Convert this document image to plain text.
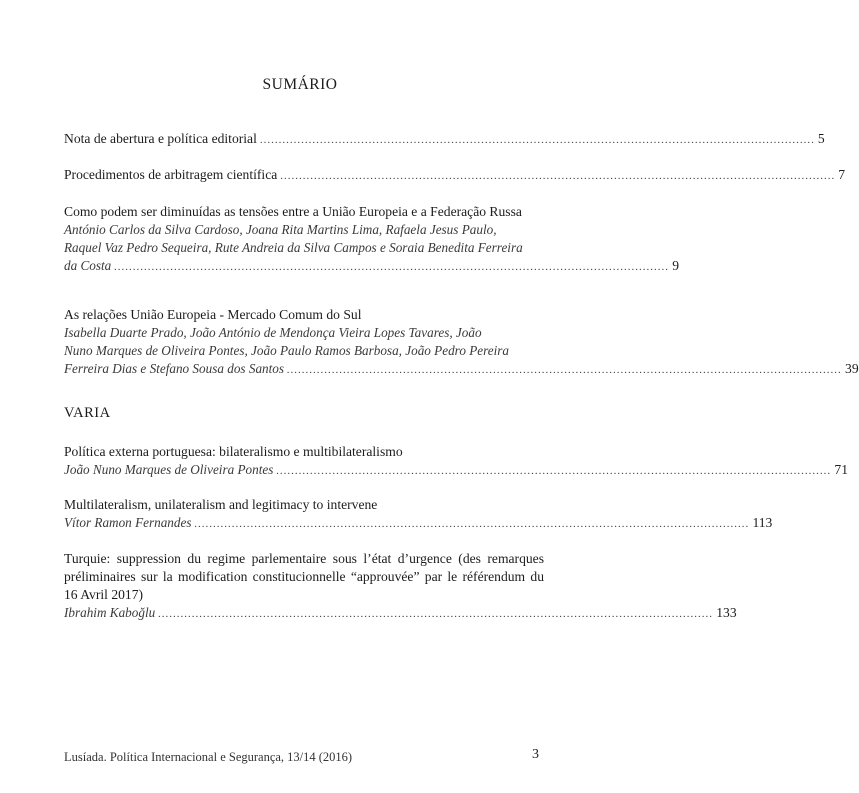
SUMÁRIO
Nota de abertura e política editorial .................................................................................................................................................... 5
Procedimentos de arbitragem científica .................................................................................................................................................... 7
Como podem ser diminuídas as tensões entre a União Europeia e a Federação Russa
António Carlos da Silva Cardoso, Joana Rita Martins Lima, Rafaela Jesus Paulo,
Raquel Vaz Pedro Sequeira, Rute Andreia da Silva Campos e Soraia Benedita Ferreira
da Costa .................................................................................................................................................... 9
As relações União Europeia - Mercado Comum do Sul
Isabella Duarte Prado, João António de Mendonça Vieira Lopes Tavares, João
Nuno Marques de Oliveira Pontes, João Paulo Ramos Barbosa, João Pedro Pereira
Ferreira Dias e Stefano Sousa dos Santos .................................................................................................................................................... 39
VARIA
Política externa portuguesa: bilateralismo e multibilateralismo
João Nuno Marques de Oliveira Pontes .................................................................................................................................................... 71
Multilateralism, unilateralism and legitimacy to intervene
Vítor Ramon Fernandes .................................................................................................................................................... 113
Turquie: suppression du regime parlementaire sous l’état d’urgence (des remarques préliminaires sur la modification constitucionnelle “approuvée” par le référendum du 16 Avril 2017)
Ibrahim Kaboğlu .................................................................................................................................................... 133
Lusíada. Política Internacional e Segurança, 13/14 (2016)	3
